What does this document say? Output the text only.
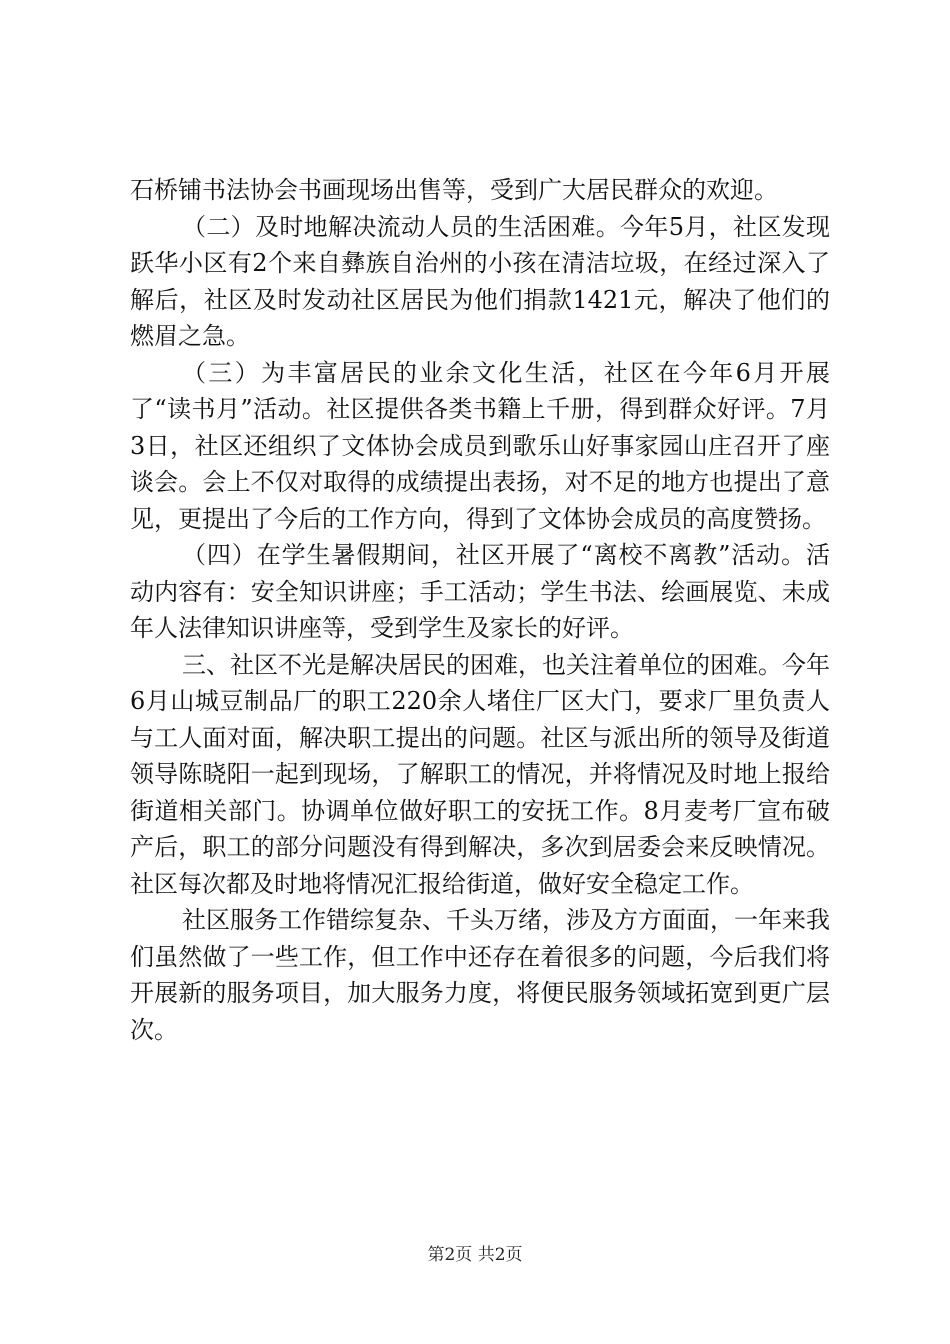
石桥铺书法协会书画现场出售等，受到广大居民群众的欢迎。

（二）及时地解决流动人员的生活困难。今年5月，社区发现跃华小区有2个来自彝族自治州的小孩在清洁垃圾，在经过深入了解后，社区及时发动社区居民为他们捐款1421元，解决了他们的燃眉之急。

（三）为丰富居民的业余文化生活，社区在今年6月开展了“读书月”活动。社区提供各类书籍上千册，得到群众好评。7月3日，社区还组织了文体协会成员到歌乐山好事家园山庄召开了座谈会。会上不仅对取得的成绩提出表扬，对不足的地方也提出了意见，更提出了今后的工作方向，得到了文体协会成员的高度赞扬。

（四）在学生暑假期间，社区开展了“离校不离教”活动。活动内容有：安全知识讲座；手工活动；学生书法、绘画展览、未成年人法律知识讲座等，受到学生及家长的好评。

三、社区不光是解决居民的困难，也关注着单位的困难。今年6月山城豆制品厂的职工220余人堵住厂区大门，要求厂里负责人与工人面对面，解决职工提出的问题。社区与派出所的领导及街道领导陈晓阳一起到现场，了解职工的情况，并将情况及时地上报给街道相关部门。协调单位做好职工的安抚工作。8月麦考厂宣布破产后，职工的部分问题没有得到解决，多次到居委会来反映情况。社区每次都及时地将情况汇报给街道，做好安全稳定工作。

社区服务工作错综复杂、千头万绪，涉及方方面面，一年来我们虽然做了一些工作，但工作中还存在着很多的问题，今后我们将开展新的服务项目，加大服务力度，将便民服务领域拓宽到更广层次。

第2页 共2页
